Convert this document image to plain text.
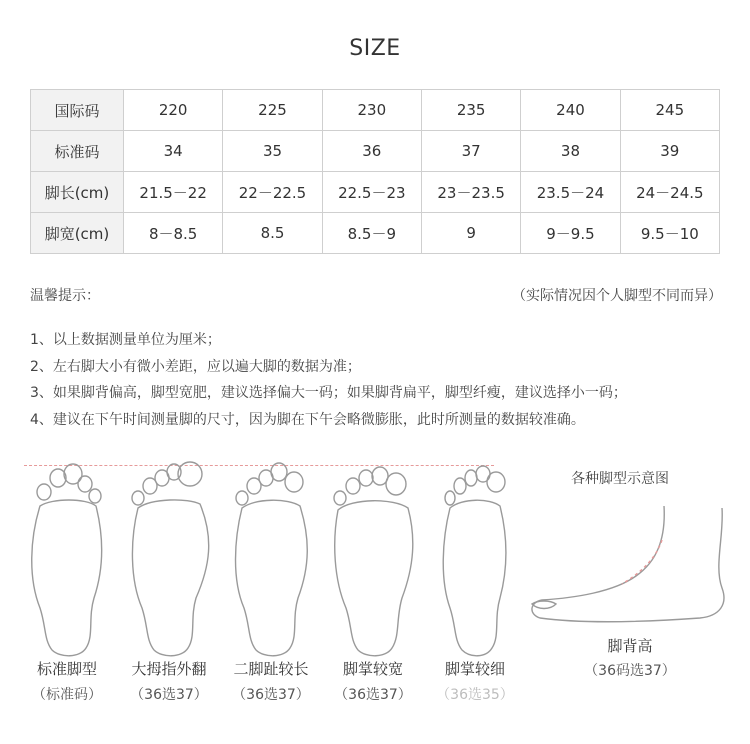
SIZE
国际码	220	225	230	235	240	245
标准码	34	35	36	37	38	39
脚长(cm)	21.5－22	22－22.5	22.5－23	23－23.5	23.5－24	24－24.5
脚宽(cm)	8－8.5	8.5	8.5－9	9	9－9.5	9.5－10
温馨提示：	（实际情况因个人脚型不同而异）
1、以上数据测量单位为厘米；
2、左右脚大小有微小差距，应以遍大脚的数据为准；
3、如果脚背偏高，脚型宽肥，建议选择偏大一码；如果脚背扁平，脚型纤瘦，建议选择小一码；
4、建议在下午时间测量脚的尺寸，因为脚在下午会略微膨胀，此时所测量的数据较准确。
标准脚型	大拇指外翻	二脚趾较长	脚掌较宽	脚掌较细
（标准码）	（36选37）	（36选37）	（36选37）	（36选35）
各种脚型示意图
脚背高
（36码选37）
